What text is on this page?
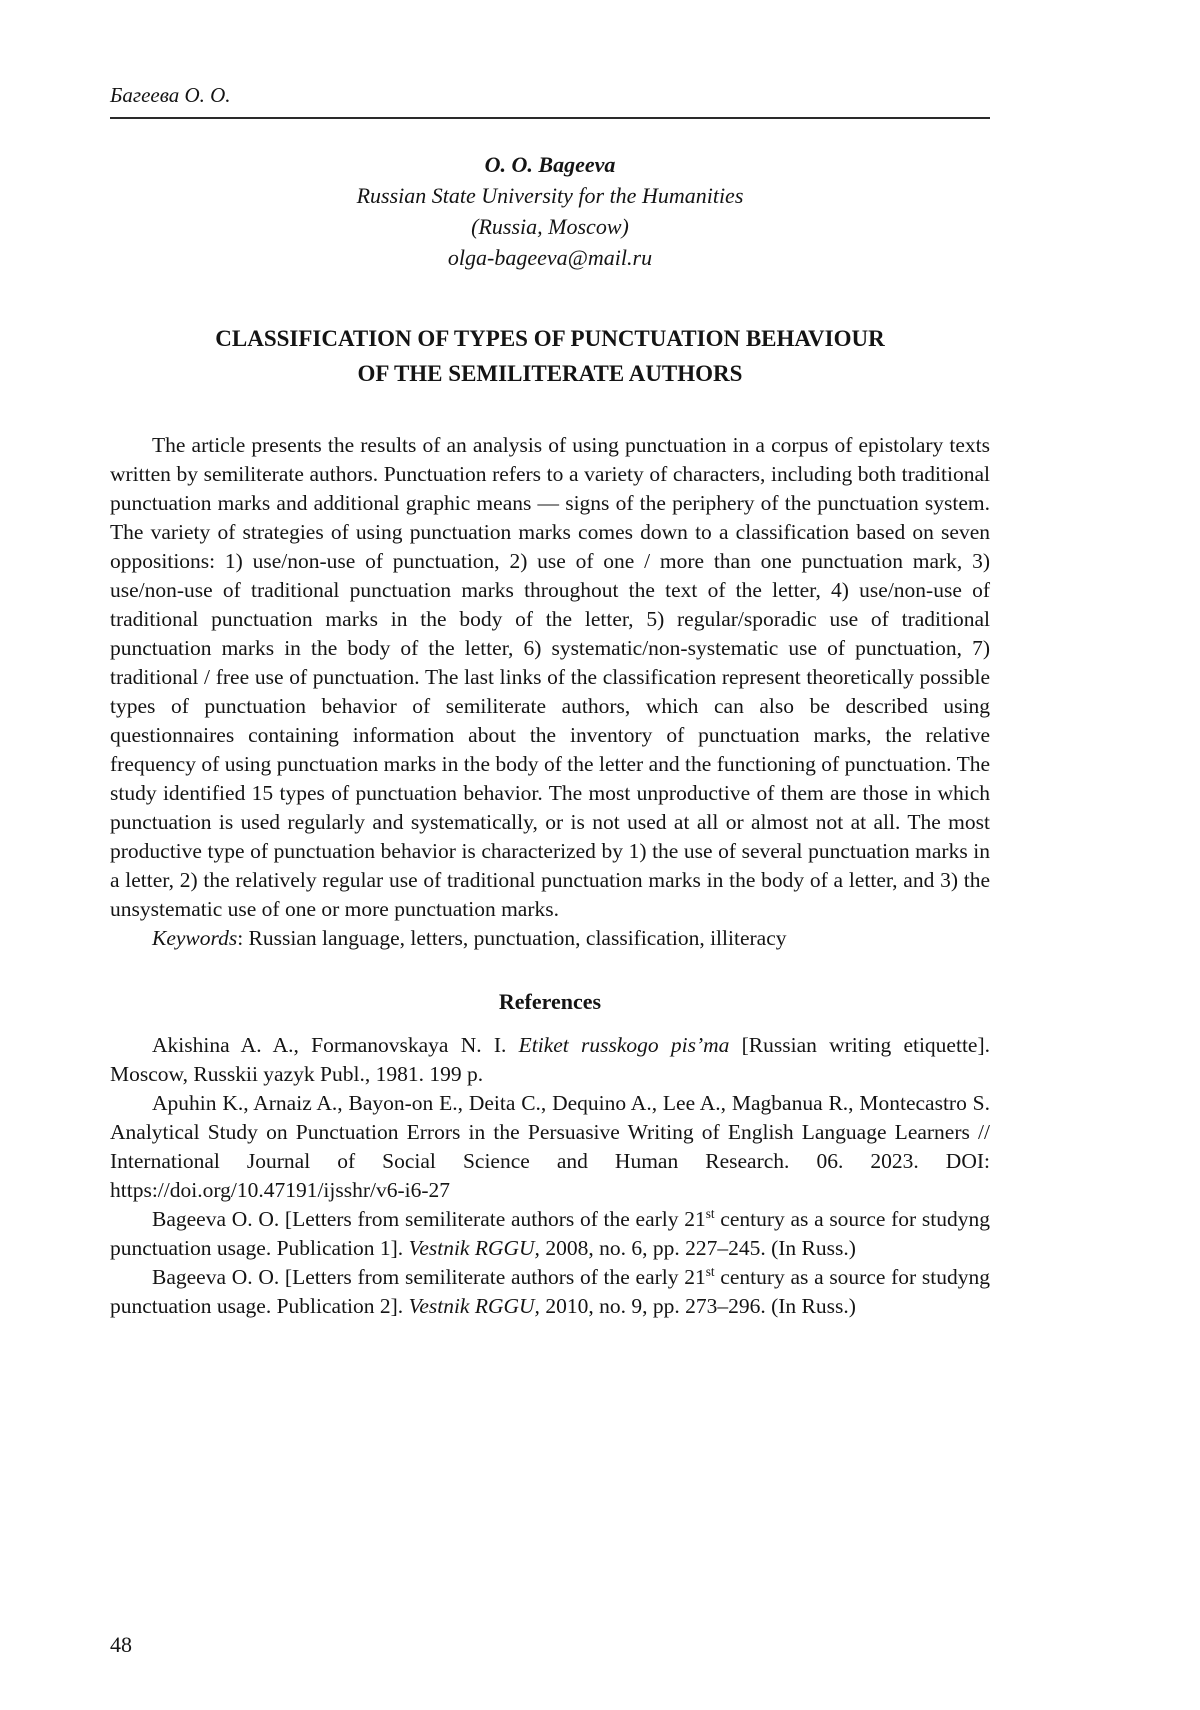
Багеева О. О.
О. О. Bageeva
Russian State University for the Humanities
(Russia, Moscow)
olga-bageeva@mail.ru
CLASSIFICATION OF TYPES OF PUNCTUATION BEHAVIOUR
OF THE SEMILITERATE AUTHORS

The article presents the results of an analysis of using punctuation in a corpus of epistolary texts written by semiliterate authors. Punctuation refers to a variety of characters, including both traditional punctuation marks and additional graphic means — signs of the periphery of the punctuation system. The variety of strategies of using punctuation marks comes down to a classification based on seven oppositions: 1) use/non-use of punctuation, 2) use of one / more than one punctuation mark, 3) use/non-use of traditional punctuation marks throughout the text of the letter, 4) use/non-use of traditional punctuation marks in the body of the letter, 5) regular/sporadic use of traditional punctuation marks in the body of the letter, 6) systematic/non-systematic use of punctuation, 7) traditional / free use of punctuation. The last links of the classification represent theoretically possible types of punctuation behavior of semiliterate authors, which can also be described using questionnaires containing information about the inventory of punctuation marks, the relative frequency of using punctuation marks in the body of the letter and the functioning of punctuation. The study identified 15 types of punctuation behavior. The most unproductive of them are those in which punctuation is used regularly and systematically, or is not used at all or almost not at all. The most productive type of punctuation behavior is characterized by 1) the use of several punctuation marks in a letter, 2) the relatively regular use of traditional punctuation marks in the body of a letter, and 3) the unsystematic use of one or more punctuation marks.

Keywords: Russian language, letters, punctuation, classification, illiteracy

References

Akishina A. A., Formanovskaya N. I. Etiket russkogo pis’ma [Russian writing etiquette]. Moscow, Russkii yazyk Publ., 1981. 199 p.

Apuhin K., Arnaiz A., Bayon-on E., Deita C., Dequino A., Lee A., Magbanua R., Montecastro S. Analytical Study on Punctuation Errors in the Persuasive Writing of English Language Learners // International Journal of Social Science and Human Research. 06. 2023. DOI: https://doi.org/10.47191/ijsshr/v6-i6-27

Bageeva O. O. [Letters from semiliterate authors of the early 21st century as a source for studyng punctuation usage. Publication 1]. Vestnik RGGU, 2008, no. 6, pp. 227–245. (In Russ.)

Bageeva O. O. [Letters from semiliterate authors of the early 21st century as a source for studyng punctuation usage. Publication 2]. Vestnik RGGU, 2010, no. 9, pp. 273–296. (In Russ.)

48
